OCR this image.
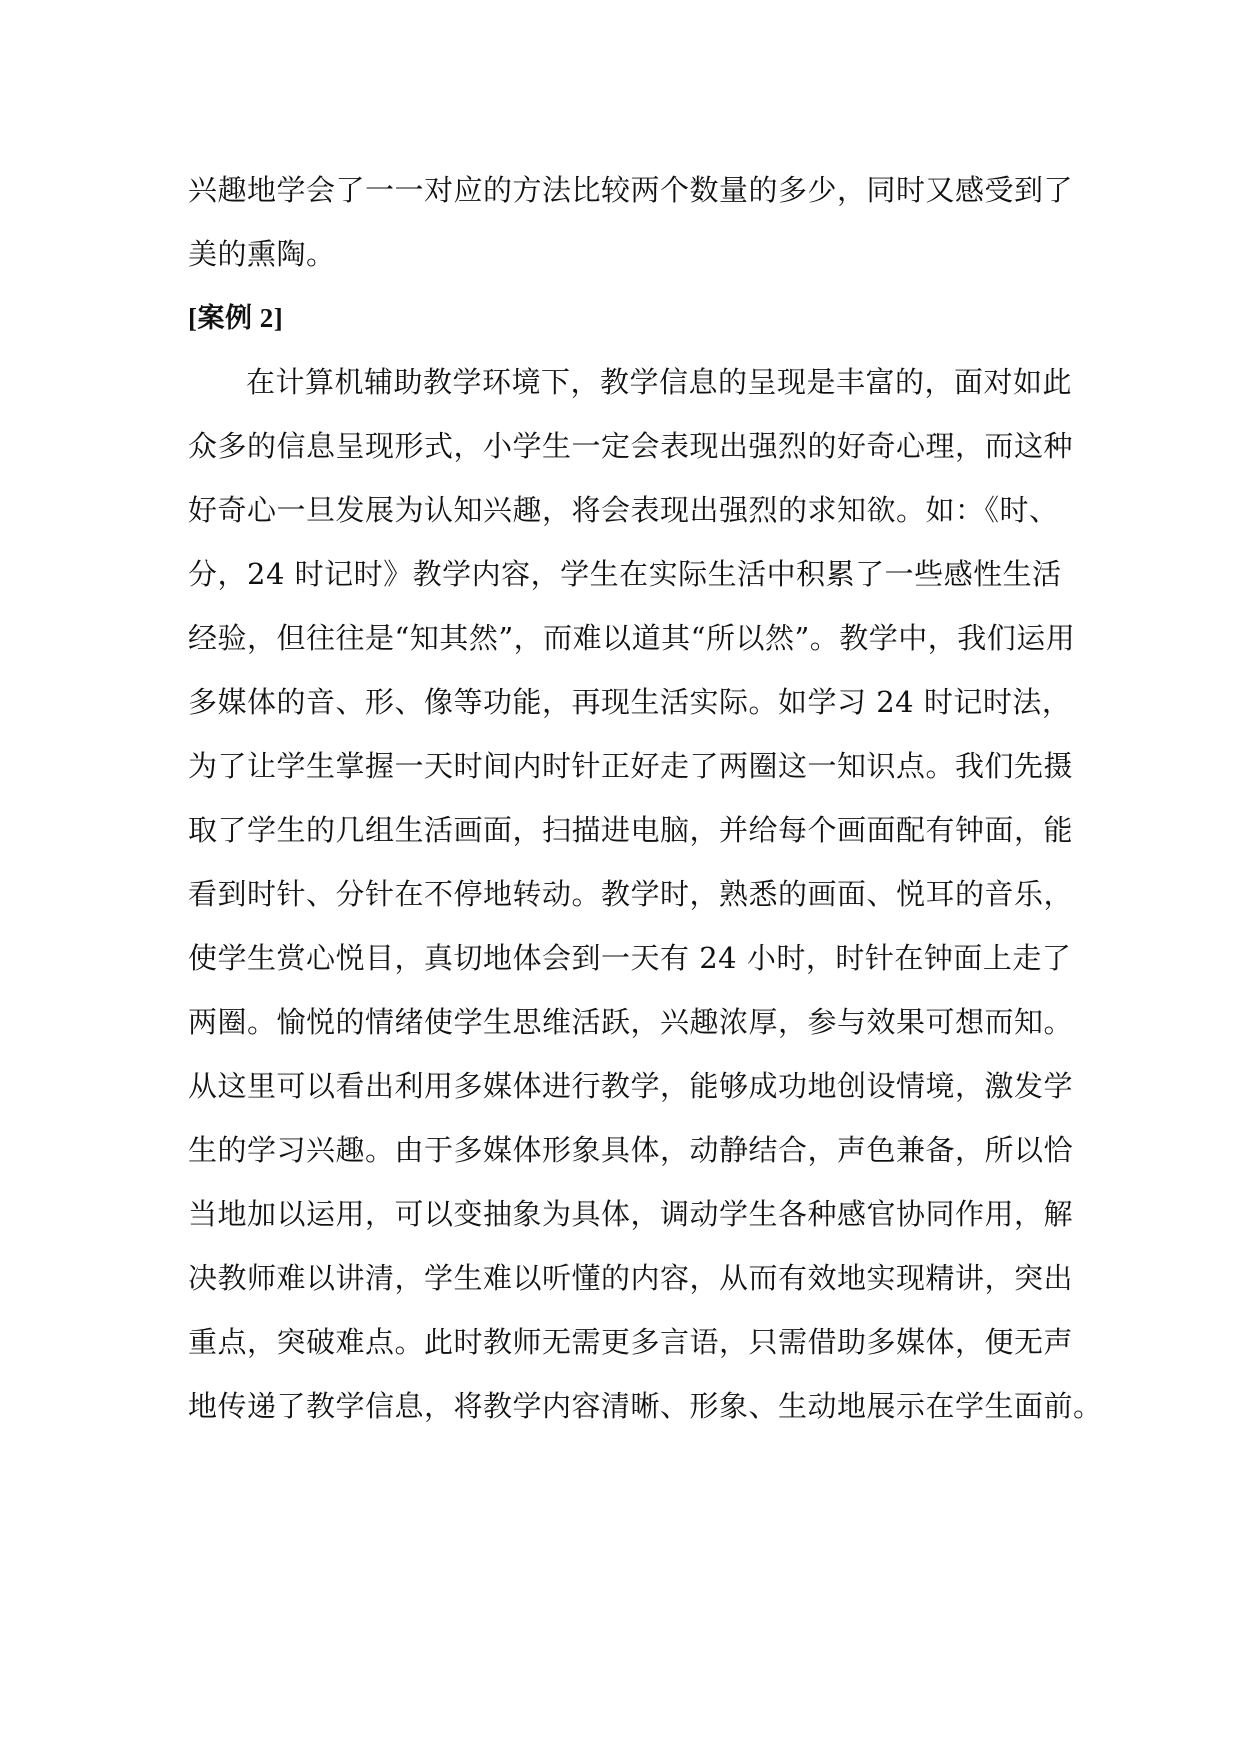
兴趣地学会了一一对应的方法比较两个数量的多少，同时又感受到了
美的熏陶。
[案例 2]
在计算机辅助教学环境下，教学信息的呈现是丰富的，面对如此
众多的信息呈现形式，小学生一定会表现出强烈的好奇心理，而这种
好奇心一旦发展为认知兴趣，将会表现出强烈的求知欲。如：《时、
分，24 时记时》教学内容，学生在实际生活中积累了一些感性生活
经验，但往往是“知其然”，而难以道其“所以然”。教学中，我们运用
多媒体的音、形、像等功能，再现生活实际。如学习 24 时记时法，
为了让学生掌握一天时间内时针正好走了两圈这一知识点。我们先摄
取了学生的几组生活画面，扫描进电脑，并给每个画面配有钟面，能
看到时针、分针在不停地转动。教学时，熟悉的画面、悦耳的音乐，
使学生赏心悦目，真切地体会到一天有 24 小时，时针在钟面上走了
两圈。愉悦的情绪使学生思维活跃，兴趣浓厚，参与效果可想而知。
从这里可以看出利用多媒体进行教学，能够成功地创设情境，激发学
生的学习兴趣。由于多媒体形象具体，动静结合，声色兼备，所以恰
当地加以运用，可以变抽象为具体，调动学生各种感官协同作用，解
决教师难以讲清，学生难以听懂的内容，从而有效地实现精讲，突出
重点，突破难点。此时教师无需更多言语，只需借助多媒体，便无声
地传递了教学信息，将教学内容清晰、形象、生动地展示在学生面前。
